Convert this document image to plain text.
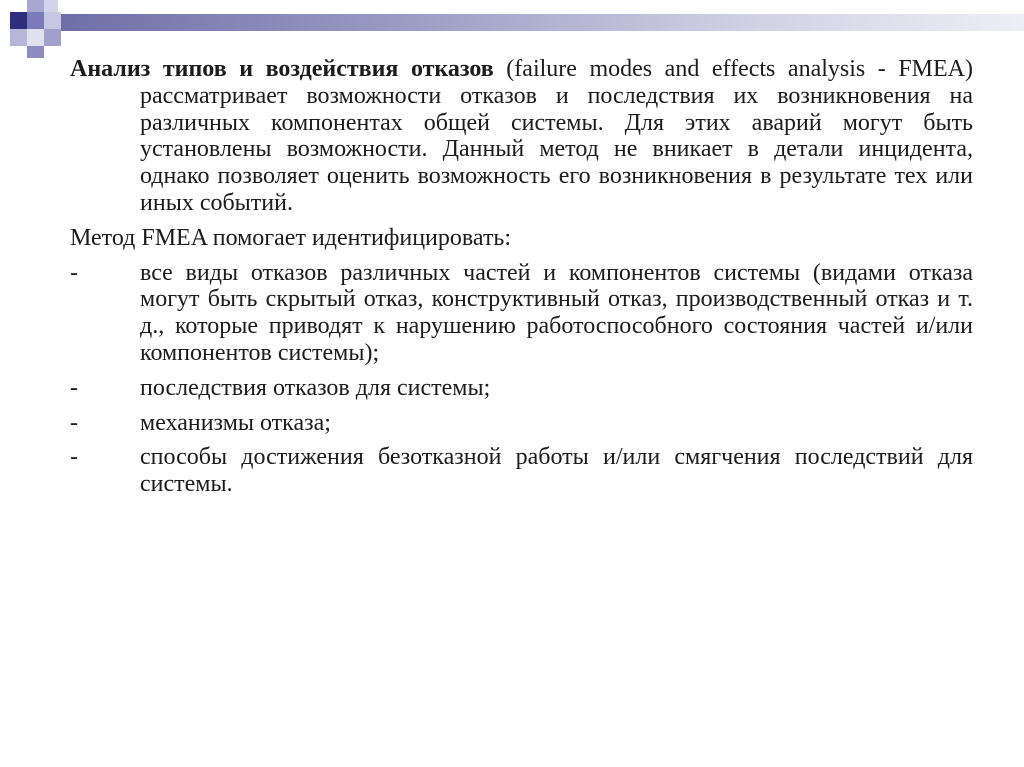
Анализ типов и воздействия отказов (failure modes and effects analysis - FMEA) рассматривает возможности отказов и последствия их возникновения на различных компонентах общей системы. Для этих аварий могут быть установлены возможности. Данный метод не вникает в детали инцидента, однако позволяет оценить возможность его возникновения в результате тех или иных событий.

Метод FMEA помогает идентифицировать:

-	все виды отказов различных частей и компонентов системы (видами отказа могут быть скрытый отказ, конструктивный отказ, производственный отказ и т. д., которые приводят к нарушению работоспособного состояния частей и/или компонентов системы);
-	последствия отказов для системы;
-	механизмы отказа;
-	способы достижения безотказной работы и/или смягчения последствий для системы.
